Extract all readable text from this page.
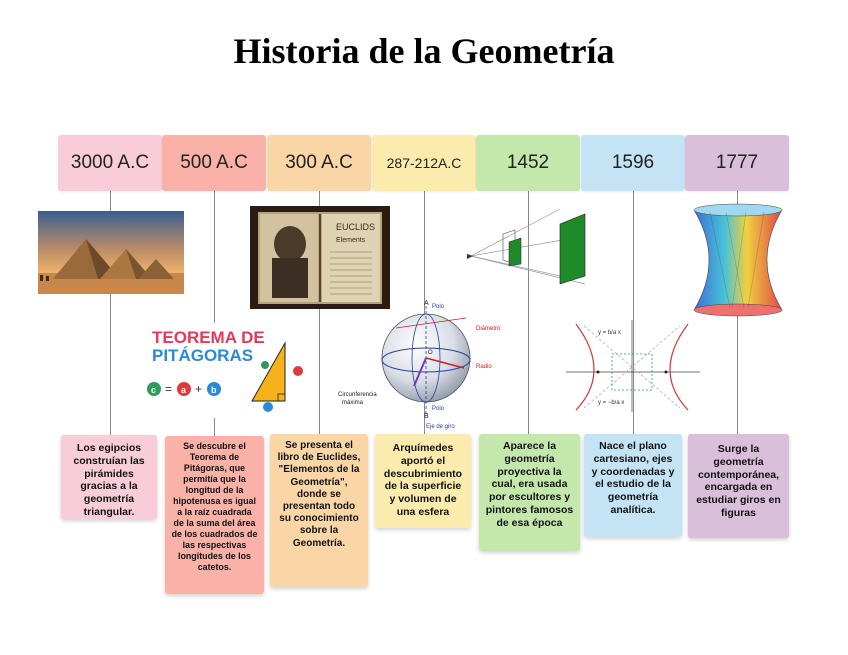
Historia de la Geometría
3000 A.C 500 A.C 300 A.C 287-212A.C 1452	1596	1777
TEOREMA DE
PITÁGORAS
c = a + b
EUCLIDS
Elements
A Polo
Diámetro
Radio
O
Circunferencia
máxima
Polo
B
Eje de giro
y = b/a x
y = −b/a x
Los egipcios construían las pirámides gracias a la geometría triangular.
Se descubre el Teorema de Pitágoras, que permitía que la longitud de la hipotenusa es igual a la raíz cuadrada de la suma del área de los cuadrados de las respectivas longitudes de los catetos.
Se presenta el libro de Euclides, "Elementos de la Geometría", donde se presentan todo su conocimiento sobre la Geometría.
Arquímedes aportó el descubrimiento de la superficie y volumen de una esfera
Aparece la geometría proyectiva la cual, era usada por escultores y pintores famosos de esa época
Nace el plano cartesiano, ejes y coordenadas y el estudio de la geometría analítica.
Surge la geometría contemporánea, encargada en estudiar giros en figuras
